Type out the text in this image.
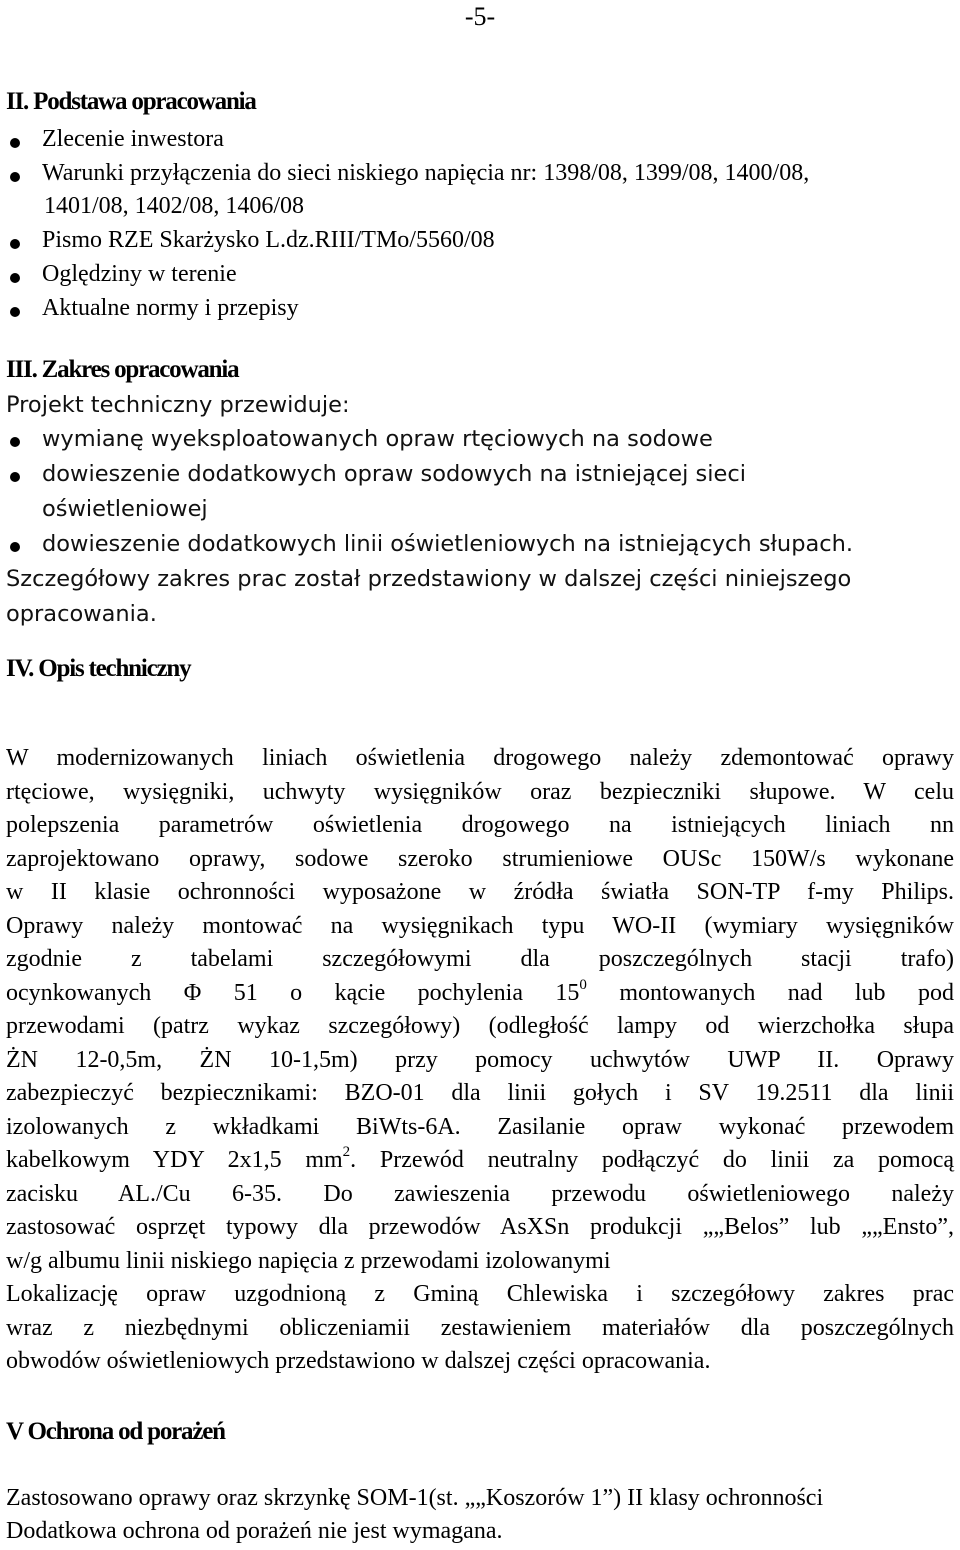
-5-
II. Podstawa opracowania
Zlecenie inwestora
Warunki przyłączenia do sieci niskiego napięcia nr: 1398/08, 1399/08, 1400/08,
1401/08, 1402/08, 1406/08
Pismo RZE Skarżysko L.dz.RIII/TMo/5560/08
Oględziny w terenie
Aktualne normy i przepisy
III. Zakres opracowania
Projekt techniczny przewiduje:
wymianę wyeksploatowanych opraw rtęciowych na sodowe
dowieszenie dodatkowych opraw sodowych na istniejącej sieci
oświetleniowej
dowieszenie dodatkowych linii oświetleniowych na istniejących słupach.
Szczegółowy zakres prac został przedstawiony w dalszej części niniejszego
opracowania.
IV. Opis techniczny
W modernizowanych liniach oświetlenia drogowego należy zdemontować oprawy
rtęciowe, wysięgniki, uchwyty wysięgników oraz bezpieczniki słupowe. W celu
polepszenia parametrów oświetlenia drogowego na istniejących liniach nn
zaprojektowano oprawy, sodowe szeroko strumieniowe OUSc 150W/s wykonane
w II klasie ochronności wyposażone w źródła światła SON-TP f-my Philips.
Oprawy należy montować na wysięgnikach typu WO-II (wymiary wysięgników
zgodnie z tabelami szczegółowymi dla poszczególnych stacji trafo)
ocynkowanych Φ 51 o kącie pochylenia $15^0$ montowanych nad lub pod
przewodami (patrz wykaz szczegółowy) (odległość lampy od wierzchołka słupa
ŻN 12-0,5m, ŻN 10-1,5m) przy pomocy uchwytów UWP II. Oprawy
zabezpieczyć bezpiecznikami: BZO-01 dla linii gołych i SV 19.2511 dla linii
izolowanych z wkładkami BiWts-6A. Zasilanie opraw wykonać przewodem
kabelkowym YDY 2x1,5 $mm^2$. Przewód neutralny podłączyć do linii za pomocą
zacisku AL./Cu 6-35. Do zawieszenia przewodu oświetleniowego należy
zastosować osprzęt typowy dla przewodów AsXSn produkcji „„Belos” lub „„Ensto”,
w/g albumu linii niskiego napięcia z przewodami izolowanymi
Lokalizację opraw uzgodnioną z Gminą Chlewiska i szczegółowy zakres prac
wraz z niezbędnymi obliczeniamii zestawieniem materiałów dla poszczególnych
obwodów oświetleniowych przedstawiono w dalszej części opracowania.
V Ochrona od porażeń
Zastosowano oprawy oraz skrzynkę SOM-1(st. „„Koszorów 1”) II klasy ochronności
Dodatkowa ochrona od porażeń nie jest wymagana.
